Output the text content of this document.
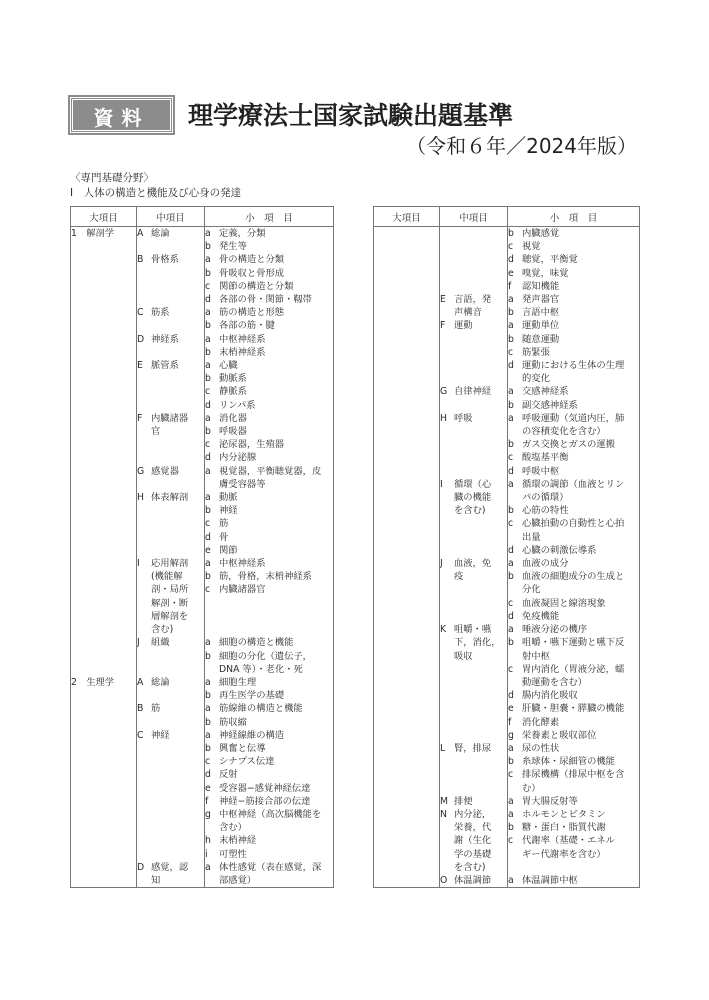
資料	理学療法士国家試験出題基準
（令和６年／2024年版）
〈専門基礎分野〉
Ⅰ　人体の構造と機能及び心身の発達
大項目	中項目	小　項　目
1　解剖学	A 総論	a 定義，分類
		b 発生等
	B 骨格系	a 骨の構造と分類
		b 骨吸収と骨形成
		c 関節の構造と分類
		d 各部の骨・関節・靱帯
	C 筋系	a 筋の構造と形態
		b 各部の筋・腱
	D 神経系	a 中枢神経系
		b 末梢神経系
	E 脈管系	a 心臓
		b 動脈系
		c 静脈系
		d リンパ系
	F 内臓諸器	a 消化器
	官	b 呼吸器
		c 泌尿器，生殖器
		d 内分泌腺
	G 感覚器	a 視覚器，平衡聴覚器，皮
		膚受容器等
	H 体表解剖	a 動脈
		b 神経
		c 筋
		d 骨
		e 関節
	I 応用解剖	a 中枢神経系
	(機能解	b 筋，骨格，末梢神経系
	剖・局所	c 内臓諸器官
	解剖・断	
	層解剖を	
	含む)	
	J 組織	a 細胞の構造と機能
		b 細胞の分化（遺伝子，
		DNA 等）・老化・死
2　生理学	A 総論	a 細胞生理
		b 再生医学の基礎
	B 筋	a 筋線維の構造と機能
		b 筋収縮
	C 神経	a 神経線維の構造
		b 興奮と伝導
		c シナプス伝達
		d 反射
		e 受容器−感覚神経伝達
		f 神経−筋接合部の伝達
		g 中枢神経（高次脳機能を
		含む）
		h 末梢神経
		i 可塑性
	D 感覚，認	a 体性感覚（表在感覚，深
	知	部感覚）
大項目	中項目	小　項　目
		b 内臓感覚
		c 視覚
		d 聴覚，平衡覚
		e 嗅覚，味覚
		f 認知機能
	E 言語，発	a 発声器官
	声構音	b 言語中枢
	F 運動	a 運動単位
		b 随意運動
		c 筋緊張
		d 運動における生体の生理
		的変化
	G 自律神経	a 交感神経系
		b 副交感神経系
	H 呼吸	a 呼吸運動（気道内圧，肺
		の容積変化を含む）
		b ガス交換とガスの運搬
		c 酸塩基平衡
		d 呼吸中枢
	I 循環（心	a 循環の調節（血液とリン
	臓の機能	パの循環）
	を含む)	b 心筋の特性
		c 心臓拍動の自動性と心拍
		出量
		d 心臓の刺激伝導系
	J 血液，免	a 血液の成分
	疫	b 血液の細胞成分の生成と
		分化
		c 血液凝固と線溶現象
		d 免疫機能
	K 咀嚼・嚥	a 唾液分泌の機序
	下，消化，	b 咀嚼・嚥下運動と嚥下反
	吸収	射中枢
		c 胃内消化（胃液分泌，蠕
		動運動を含む）
		d 腸内消化吸収
		e 肝臓・胆嚢・膵臓の機能
		f 消化酵素
		g 栄養素と吸収部位
	L 腎，排尿	a 尿の性状
		b 糸球体・尿細管の機能
		c 排尿機構（排尿中枢を含
		む）
	M 排便	a 胃大腸反射等
	N 内分泌，	a ホルモンとビタミン
	栄養，代	b 糖・蛋白・脂質代謝
	謝（生化	c 代謝率（基礎・エネル
	学の基礎	ギー代謝率を含む）
	を含む)	
	O 体温調節	a 体温調節中枢
